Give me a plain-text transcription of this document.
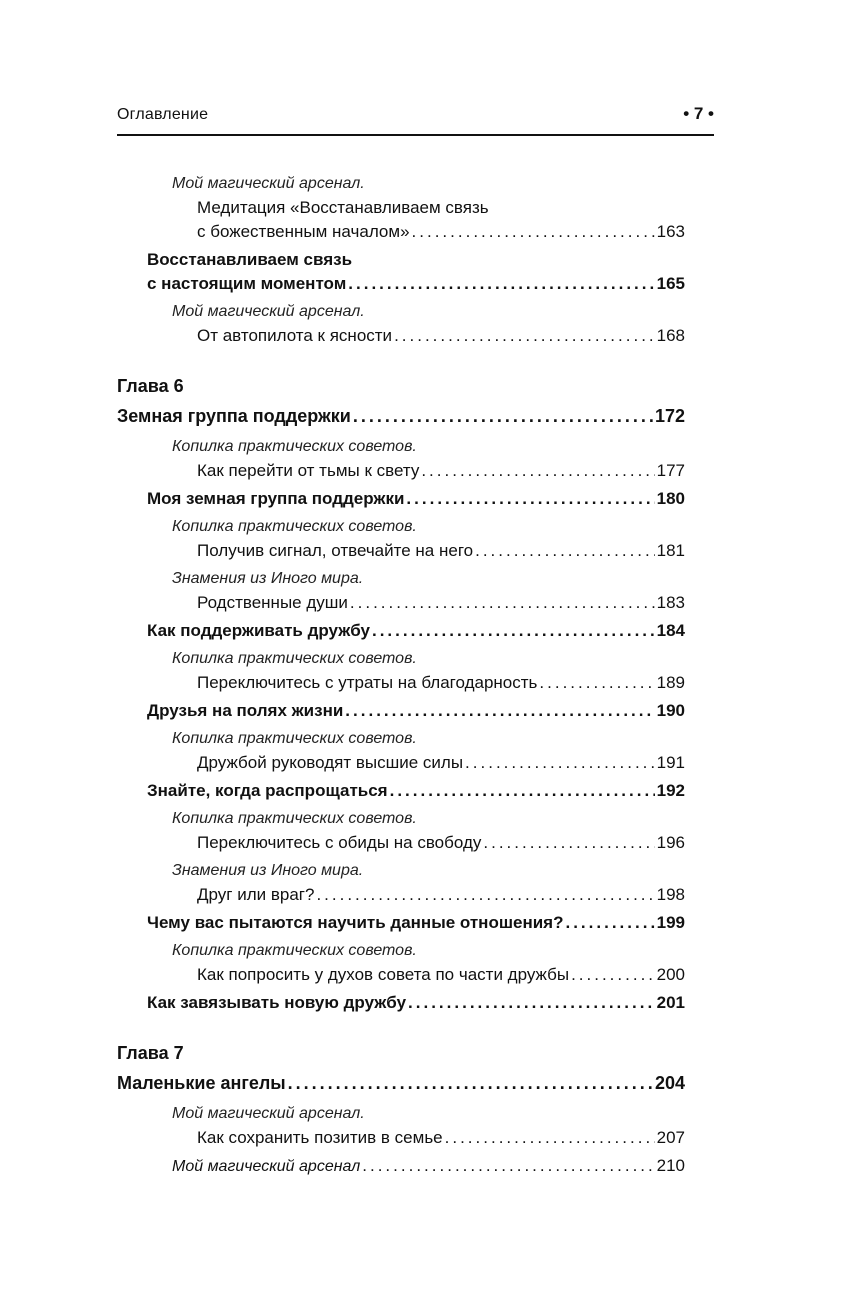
Оглавление	• 7 •
Мой магический арсенал.
Медитация «Восстанавливаем связь
с божественным началом» .....	163
Восстанавливаем связь
с настоящим моментом .....	165
Мой магический арсенал.
От автопилота к ясности .....	168
Глава 6
Земная группа поддержки .....	172
Копилка практических советов.
Как перейти от тьмы к свету .....	177
Моя земная группа поддержки .....	180
Копилка практических советов.
Получив сигнал, отвечайте на него .....	181
Знамения из Иного мира.
Родственные души .....	183
Как поддерживать дружбу .....	184
Копилка практических советов.
Переключитесь с утраты на благодарность .....	189
Друзья на полях жизни .....	190
Копилка практических советов.
Дружбой руководят высшие силы .....	191
Знайте, когда распрощаться .....	192
Копилка практических советов.
Переключитесь с обиды на свободу .....	196
Знамения из Иного мира.
Друг или враг? .....	198
Чему вас пытаются научить данные отношения? .....	199
Копилка практических советов.
Как попросить у духов совета по части дружбы .....	200
Как завязывать новую дружбу .....	201
Глава 7
Маленькие ангелы .....	204
Мой магический арсенал.
Как сохранить позитив в семье .....	207
Мой магический арсенал .....	210
